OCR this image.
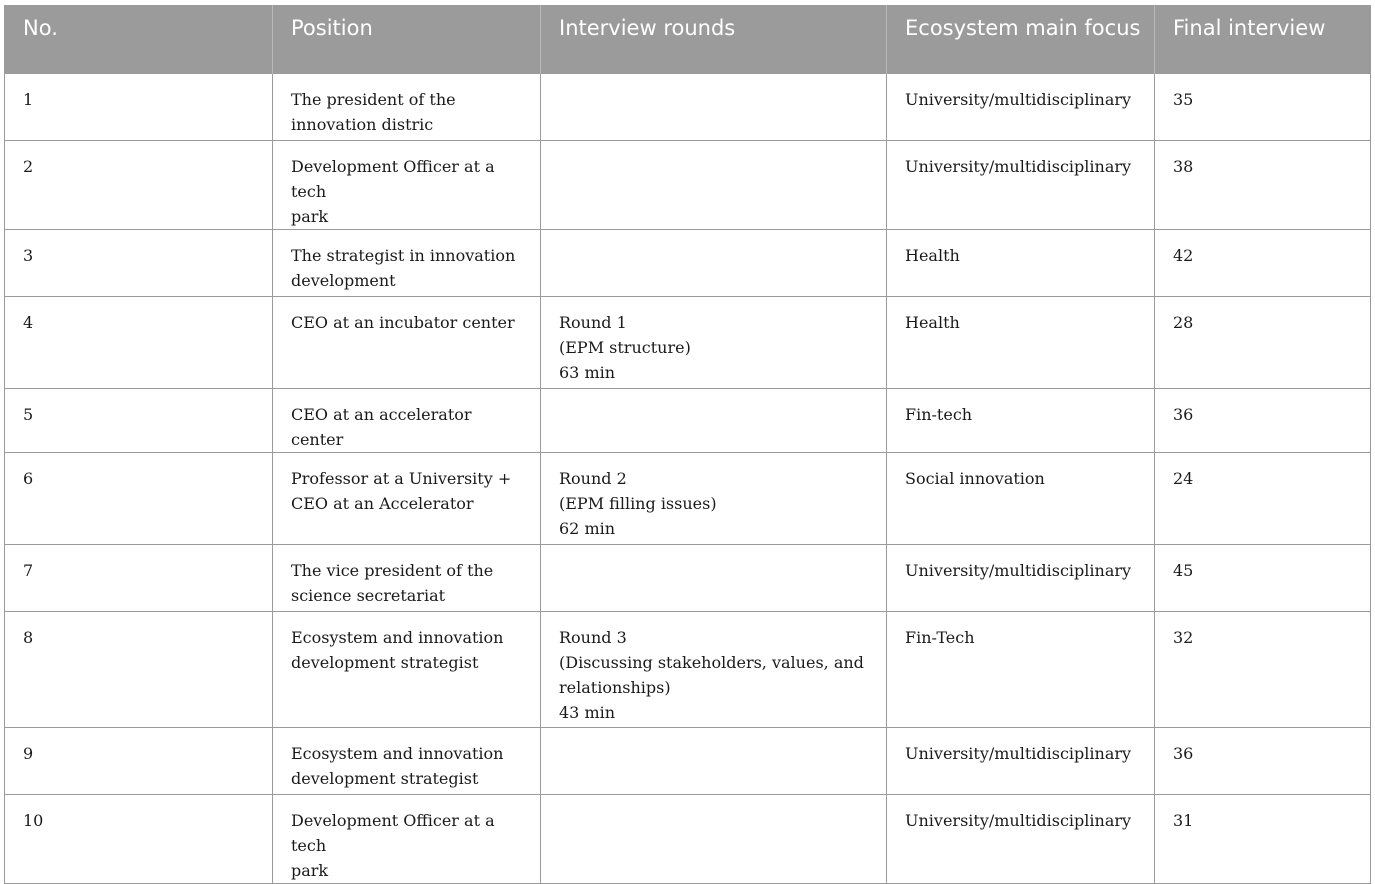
No.	Position	Interview rounds	Ecosystem main focus	Final interview
1	The president of the
innovation distric		University/multidisciplinary	35
2	Development Officer at a tech
park		University/multidisciplinary	38
3	The strategist in innovation
development		Health	42
4	CEO at an incubator center	Round 1
(EPM structure)
63 min	Health	28
5	CEO at an accelerator center		Fin-tech	36
6	Professor at a University +
CEO at an Accelerator	Round 2
(EPM filling issues)
62 min	Social innovation	24
7	The vice president of the
science secretariat		University/multidisciplinary	45
8	Ecosystem and innovation
development strategist	Round 3
(Discussing stakeholders, values, and
relationships)
43 min	Fin-Tech	32
9	Ecosystem and innovation
development strategist		University/multidisciplinary	36
10	Development Officer at a tech
park		University/multidisciplinary	31
